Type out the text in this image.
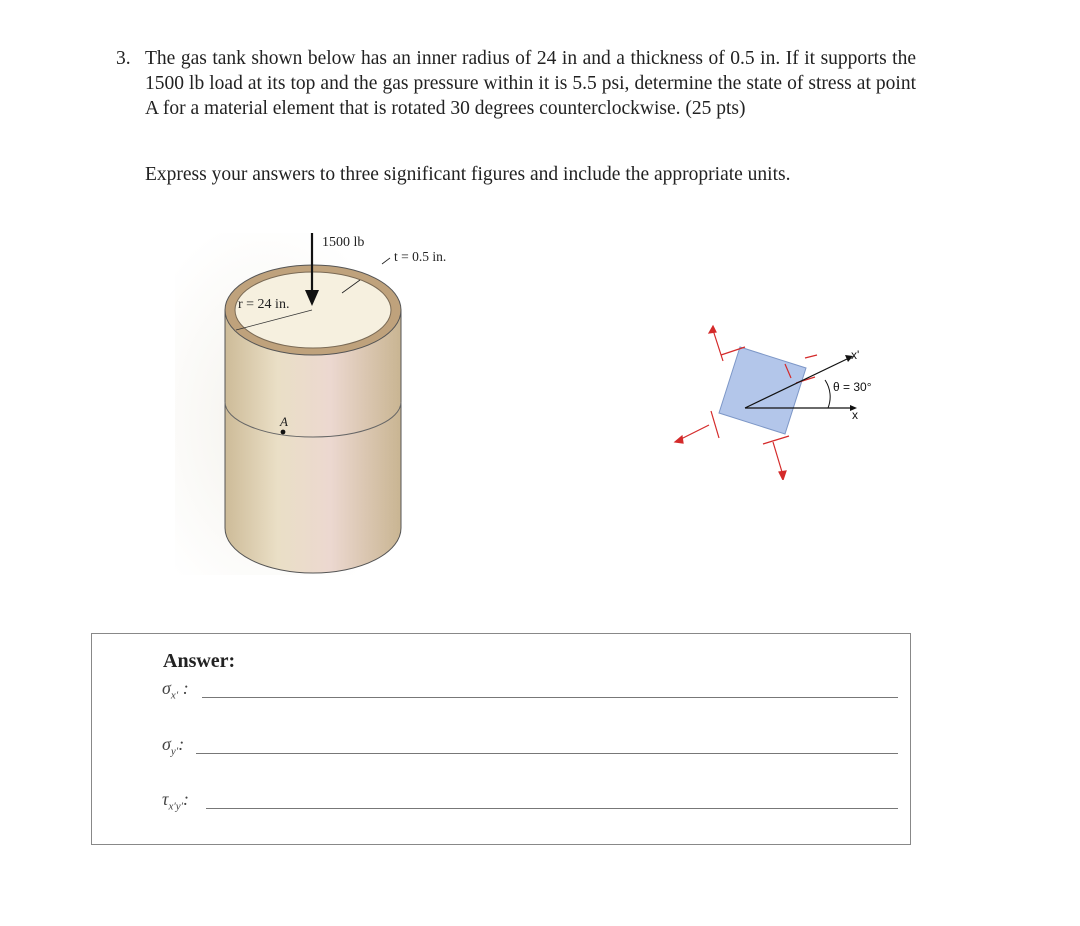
3. The gas tank shown below has an inner radius of 24 in and a thickness of 0.5 in. If it supports the 1500 lb load at its top and the gas pressure within it is 5.5 psi, determine the state of stress at point A for a material element that is rotated 30 degrees counterclockwise. (25 pts)
Express your answers to three significant figures and include the appropriate units.
1500 lb
t = 0.5 in.
r = 24 in.
A
x'
x
θ = 30°
Answer:
$\sigma_{x'}$ :
$\sigma_{y'}$:
$\tau_{x'y'}$:
